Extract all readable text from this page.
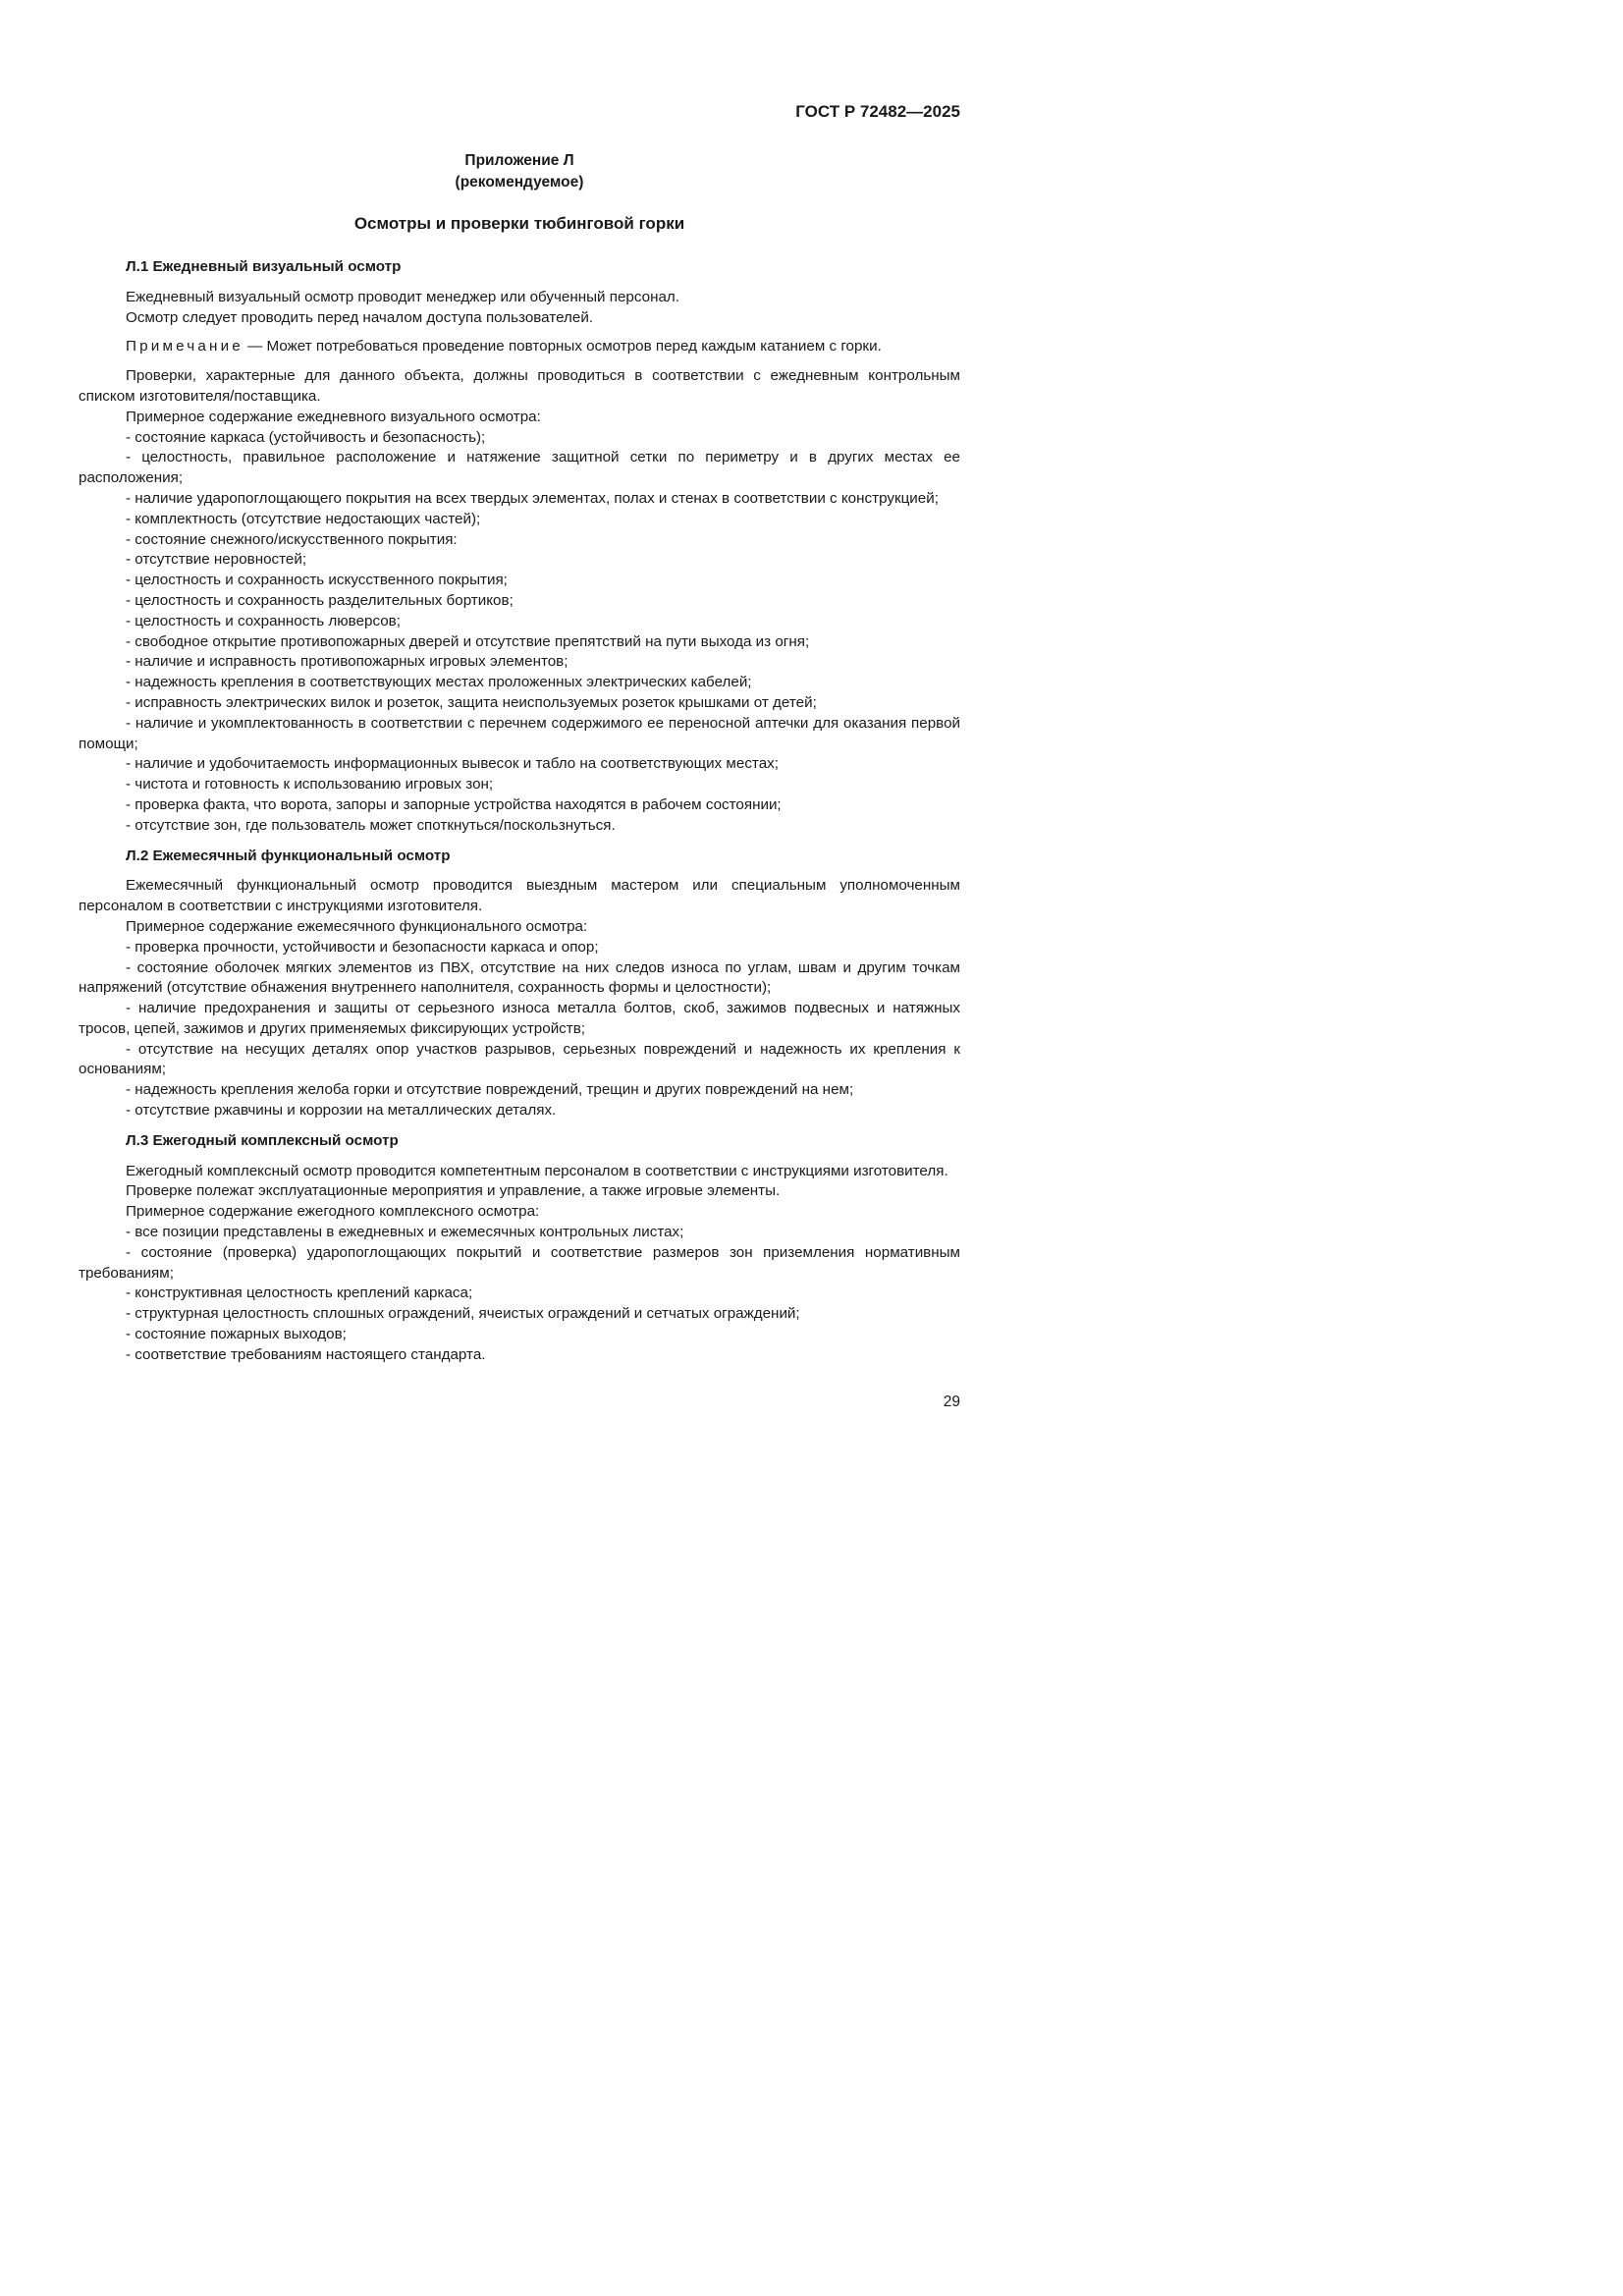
ГОСТ Р 72482—2025
Приложение Л
(рекомендуемое)
Осмотры и проверки тюбинговой горки
Л.1 Ежедневный визуальный осмотр

Ежедневный визуальный осмотр проводит менеджер или обученный персонал.

Осмотр следует проводить перед началом доступа пользователей.

Примечание — Может потребоваться проведение повторных осмотров перед каждым катанием с горки.

Проверки, характерные для данного объекта, должны проводиться в соответствии с ежедневным контрольным списком изготовителя/поставщика.

Примерное содержание ежедневного визуального осмотра:

- состояние каркаса (устойчивость и безопасность);

- целостность, правильное расположение и натяжение защитной сетки по периметру и в других местах ее расположения;

- наличие ударопоглощающего покрытия на всех твердых элементах, полах и стенах в соответствии с конструкцией;

- комплектность (отсутствие недостающих частей);

- состояние снежного/искусственного покрытия:

- отсутствие неровностей;

- целостность и сохранность искусственного покрытия;

- целостность и сохранность разделительных бортиков;

- целостность и сохранность люверсов;

- свободное открытие противопожарных дверей и отсутствие препятствий на пути выхода из огня;

- наличие и исправность противопожарных игровых элементов;

- надежность крепления в соответствующих местах проложенных электрических кабелей;

- исправность электрических вилок и розеток, защита неиспользуемых розеток крышками от детей;

- наличие и укомплектованность в соответствии с перечнем содержимого ее переносной аптечки для оказания первой помощи;

- наличие и удобочитаемость информационных вывесок и табло на соответствующих местах;

- чистота и готовность к использованию игровых зон;

- проверка факта, что ворота, запоры и запорные устройства находятся в рабочем состоянии;

- отсутствие зон, где пользователь может споткнуться/поскользнуться.

Л.2 Ежемесячный функциональный осмотр

Ежемесячный функциональный осмотр проводится выездным мастером или специальным уполномоченным персоналом в соответствии с инструкциями изготовителя.

Примерное содержание ежемесячного функционального осмотра:

- проверка прочности, устойчивости и безопасности каркаса и опор;

- состояние оболочек мягких элементов из ПВХ, отсутствие на них следов износа по углам, швам и другим точкам напряжений (отсутствие обнажения внутреннего наполнителя, сохранность формы и целостности);

- наличие предохранения и защиты от серьезного износа металла болтов, скоб, зажимов подвесных и натяжных тросов, цепей, зажимов и других применяемых фиксирующих устройств;

- отсутствие на несущих деталях опор участков разрывов, серьезных повреждений и надежность их крепления к основаниям;

- надежность крепления желоба горки и отсутствие повреждений, трещин и других повреждений на нем;

- отсутствие ржавчины и коррозии на металлических деталях.

Л.3 Ежегодный комплексный осмотр

Ежегодный комплексный осмотр проводится компетентным персоналом в соответствии с инструкциями изготовителя.

Проверке полежат эксплуатационные мероприятия и управление, а также игровые элементы.

Примерное содержание ежегодного комплексного осмотра:

- все позиции представлены в ежедневных и ежемесячных контрольных листах;

- состояние (проверка) удaропоглощающих покрытий и соответствие размеров зон приземления нормативным требованиям;

- конструктивная целостность креплений каркаса;

- структурная целостность сплошных ограждений, ячеистых ограждений и сетчатых ограждений;

- состояние пожарных выходов;

- соответствие требованиям настоящего стандарта.

29
